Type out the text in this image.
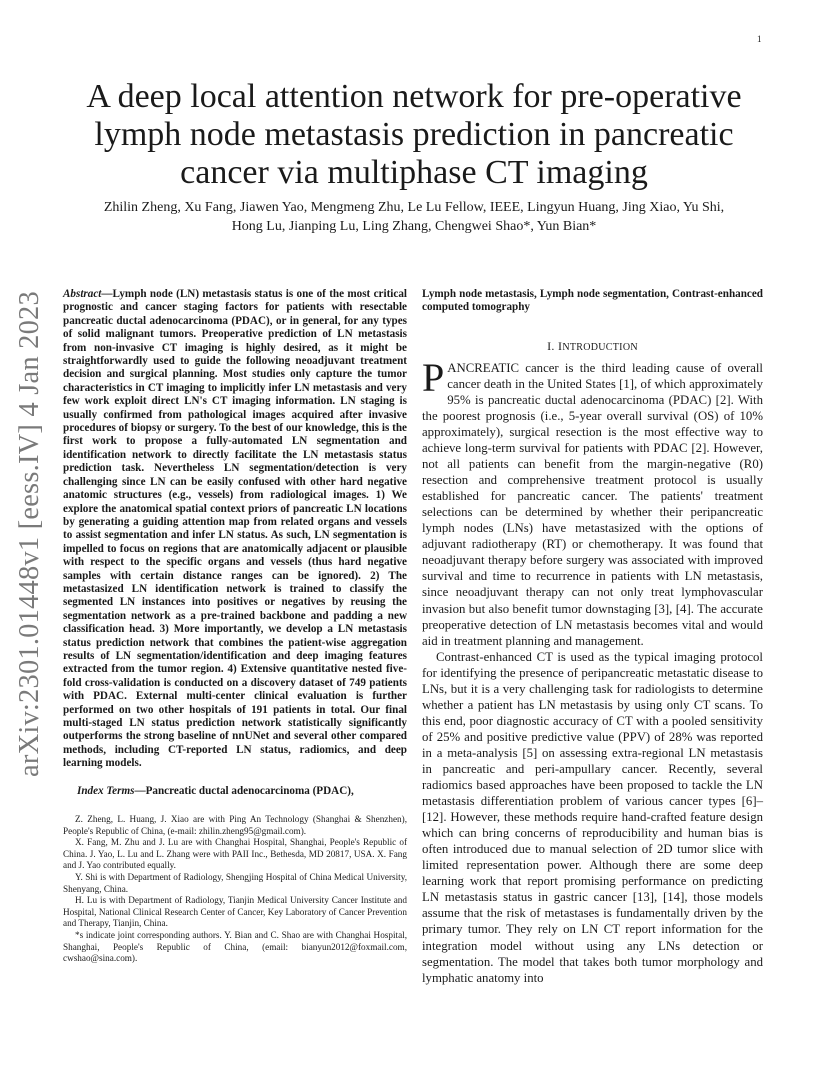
1
A deep local attention network for pre-operative lymph node metastasis prediction in pancreatic cancer via multiphase CT imaging
Zhilin Zheng, Xu Fang, Jiawen Yao, Mengmeng Zhu, Le Lu Fellow, IEEE, Lingyun Huang, Jing Xiao, Yu Shi,
Hong Lu, Jianping Lu, Ling Zhang, Chengwei Shao*, Yun Bian*
arXiv:2301.01448v1 [eess.IV] 4 Jan 2023	Abstract—Lymph node (LN) metastasis status is one of the most critical prognostic and cancer staging factors for patients with resectable pancreatic ductal adenocarcinoma (PDAC), or in general, for any types of solid malignant tumors. Preoperative prediction of LN metastasis from non-invasive CT imaging is highly desired, as it might be straightforwardly used to guide the following neoadjuvant treatment decision and surgical planning. Most studies only capture the tumor characteristics in CT imaging to implicitly infer LN metastasis and very few work exploit direct LN's CT imaging information. LN staging is usually confirmed from pathological images acquired after invasive procedures of biopsy or surgery. To the best of our knowledge, this is the first work to propose a fully-automated LN segmentation and identification network to directly facilitate the LN metastasis status prediction task. Nevertheless LN segmentation/detection is very challenging since LN can be easily confused with other hard negative anatomic structures (e.g., vessels) from radiological images. 1) We explore the anatomical spatial context priors of pancreatic LN locations by generating a guiding attention map from related organs and vessels to assist segmentation and infer LN status. As such, LN segmentation is impelled to focus on regions that are anatomically adjacent or plausible with respect to the specific organs and vessels (thus hard negative samples with certain distance ranges can be ignored). 2) The metastasized LN identification network is trained to classify the segmented LN instances into positives or negatives by reusing the segmentation network as a pre-trained backbone and padding a new classification head. 3) More importantly, we develop a LN metastasis status prediction network that combines the patient-wise aggregation results of LN segmentation/identification and deep imaging features extracted from the tumor region. 4) Extensive quantitative nested five-fold cross-validation is conducted on a discovery dataset of 749 patients with PDAC. External multi-center clinical evaluation is further performed on two other hospitals of 191 patients in total. Our final multi-staged LN status prediction network statistically significantly outperforms the strong baseline of nnUNet and several other compared methods, including CT-reported LN status, radiomics, and deep learning models.

Index Terms—Pancreatic ductal adenocarcinoma (PDAC),

Z. Zheng, L. Huang, J. Xiao are with Ping An Technology (Shanghai & Shenzhen), People's Republic of China, (e-mail: zhilin.zheng95@gmail.com).

X. Fang, M. Zhu and J. Lu are with Changhai Hospital, Shanghai, People's Republic of China. J. Yao, L. Lu and L. Zhang were with PAII Inc., Bethesda, MD 20817, USA. X. Fang and J. Yao contributed equally.

Y. Shi is with Department of Radiology, Shengjing Hospital of China Medical University, Shenyang, China.

H. Lu is with Department of Radiology, Tianjin Medical University Cancer Institute and Hospital, National Clinical Research Center of Cancer, Key Laboratory of Cancer Prevention and Therapy, Tianjin, China.

*s indicate joint corresponding authors. Y. Bian and C. Shao are with Changhai Hospital, Shanghai, People's Republic of China, (email: bianyun2012@foxmail.com, cwshao@sina.com).

Lymph node metastasis, Lymph node segmentation, Contrast-enhanced computed tomography

I. INTRODUCTION

PANCREATIC cancer is the third leading cause of overall cancer death in the United States [1], of which approximately 95% is pancreatic ductal adenocarcinoma (PDAC) [2]. With the poorest prognosis (i.e., 5-year overall survival (OS) of 10% approximately), surgical resection is the most effective way to achieve long-term survival for patients with PDAC [2]. However, not all patients can benefit from the margin-negative (R0) resection and comprehensive treatment protocol is usually established for pancreatic cancer. The patients' treatment selections can be determined by whether their peripancreatic lymph nodes (LNs) have metastasized with the options of adjuvant radiotherapy (RT) or chemotherapy. It was found that neoadjuvant therapy before surgery was associated with improved survival and time to recurrence in patients with LN metastasis, since neoadjuvant therapy can not only treat lymphovascular invasion but also benefit tumor downstaging [3], [4]. The accurate preoperative detection of LN metastasis becomes vital and would aid in treatment planning and management.

Contrast-enhanced CT is used as the typical imaging protocol for identifying the presence of peripancreatic metastatic disease to LNs, but it is a very challenging task for radiologists to determine whether a patient has LN metastasis by using only CT scans. To this end, poor diagnostic accuracy of CT with a pooled sensitivity of 25% and positive predictive value (PPV) of 28% was reported in a meta-analysis [5] on assessing extra-regional LN metastasis in pancreatic and peri-ampullary cancer. Recently, several radiomics based approaches have been proposed to tackle the LN metastasis differentiation problem of various cancer types [6]–[12]. However, these methods require hand-crafted feature design which can bring concerns of reproducibility and human bias is often introduced due to manual selection of 2D tumor slice with limited representation power. Although there are some deep learning work that report promising performance on predicting LN metastasis status in gastric cancer [13], [14], those models assume that the risk of metastases is fundamentally driven by the primary tumor. They rely on LN CT report information for the integration model without using any LNs detection or segmentation. The model that takes both tumor morphology and lymphatic anatomy into
